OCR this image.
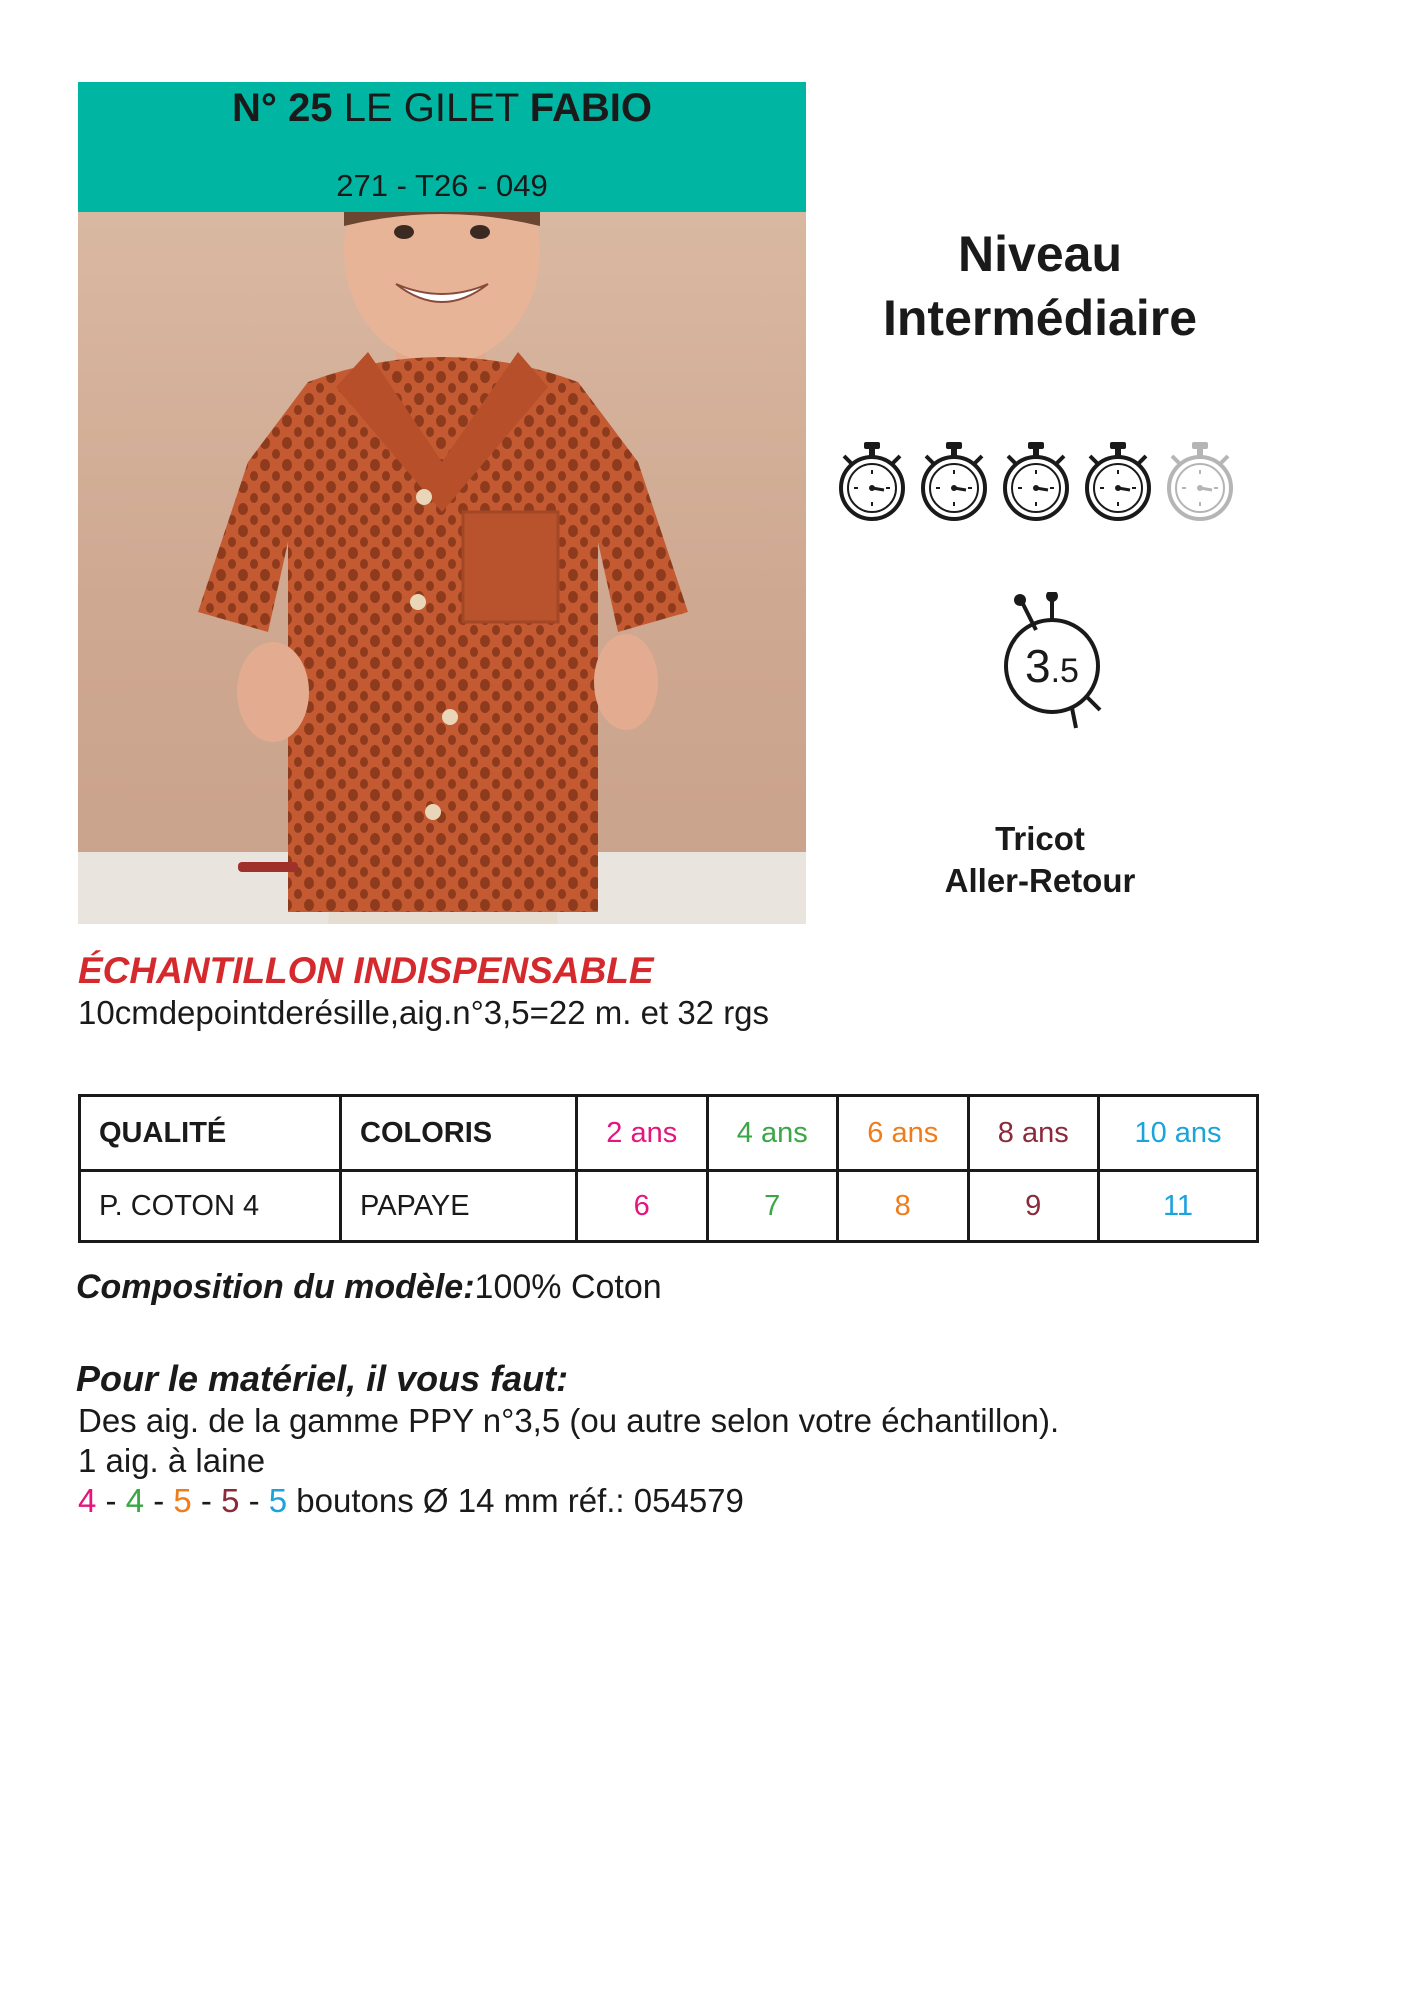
N° 25 LE GILET FABIO
271 - T26 - 049
Niveau
Intermédiaire
3.5
Tricot
Aller-Retour
ÉCHANTILLON INDISPENSABLE
10cmdepointderésille,aig.n°3,5=22 m. et 32 rgs
QUALITÉ	COLORIS	2 ans	4 ans	6 ans	8 ans	10 ans
P. COTON 4	PAPAYE	6	7	8	9	11
Composition du modèle:100% Coton
Pour le matériel, il vous faut:
Des aig. de la gamme PPY n°3,5 (ou autre selon votre échantillon).
1 aig. à laine
4 - 4 - 5 - 5 - 5 boutons Ø 14 mm réf.: 054579
